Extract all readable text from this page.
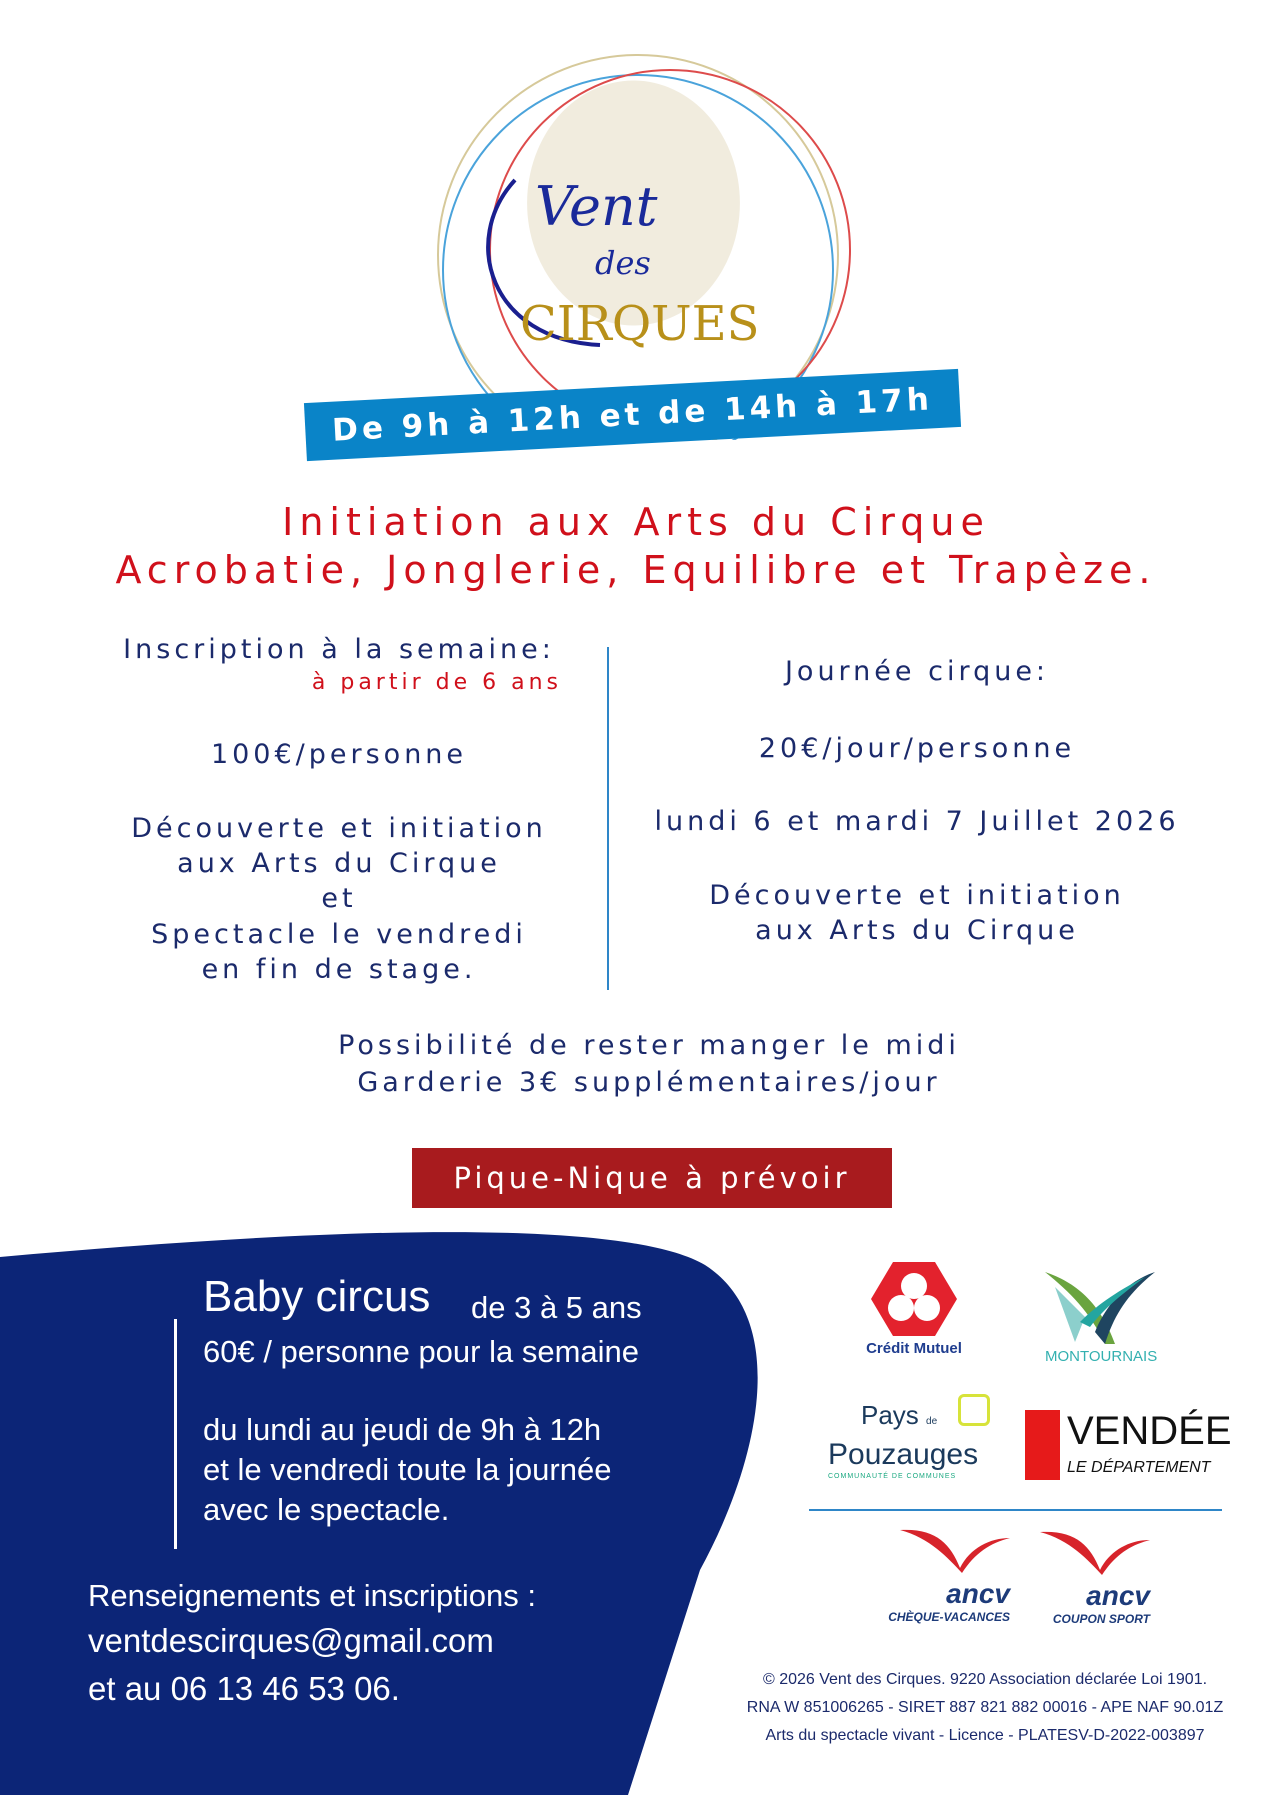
Vent
des
CIRQUES
De 9h à 12h et de 14h à 17h
Initiation aux Arts du Cirque
Acrobatie, Jonglerie, Equilibre et Trapèze.
Inscription à la semaine:
à partir de 6 ans
100€/personne
Découverte et initiation
aux Arts du Cirque
et
Spectacle le vendredi
en fin de stage.
Journée cirque:
20€/jour/personne
lundi 6 et mardi 7 Juillet 2026
Découverte et initiation
aux Arts du Cirque
Possibilité de rester manger le midi
Garderie 3€ supplémentaires/jour
Pique-Nique à prévoir
Baby circus de 3 à 5 ans
60€ / personne pour la semaine
du lundi au jeudi de 9h à 12h
et le vendredi toute la journée
avec le spectacle.
Renseignements et inscriptions :
ventdescirques@gmail.com
et au 06 13 46 53 06.
Crédit Mutuel	MONTOURNAIS
Pays de
Pouzauges
COMMUNAUTÉ DE COMMUNES
VENDÉE
LE DÉPARTEMENT
ancv
CHÈQUE-VACANCES
ancv
COUPON SPORT
© 2026 Vent des Cirques. 9220 Association déclarée Loi 1901.
RNA W 851006265 - SIRET 887 821 882 00016 - APE NAF 90.01Z
Arts du spectacle vivant - Licence - PLATESV-D-2022-003897
